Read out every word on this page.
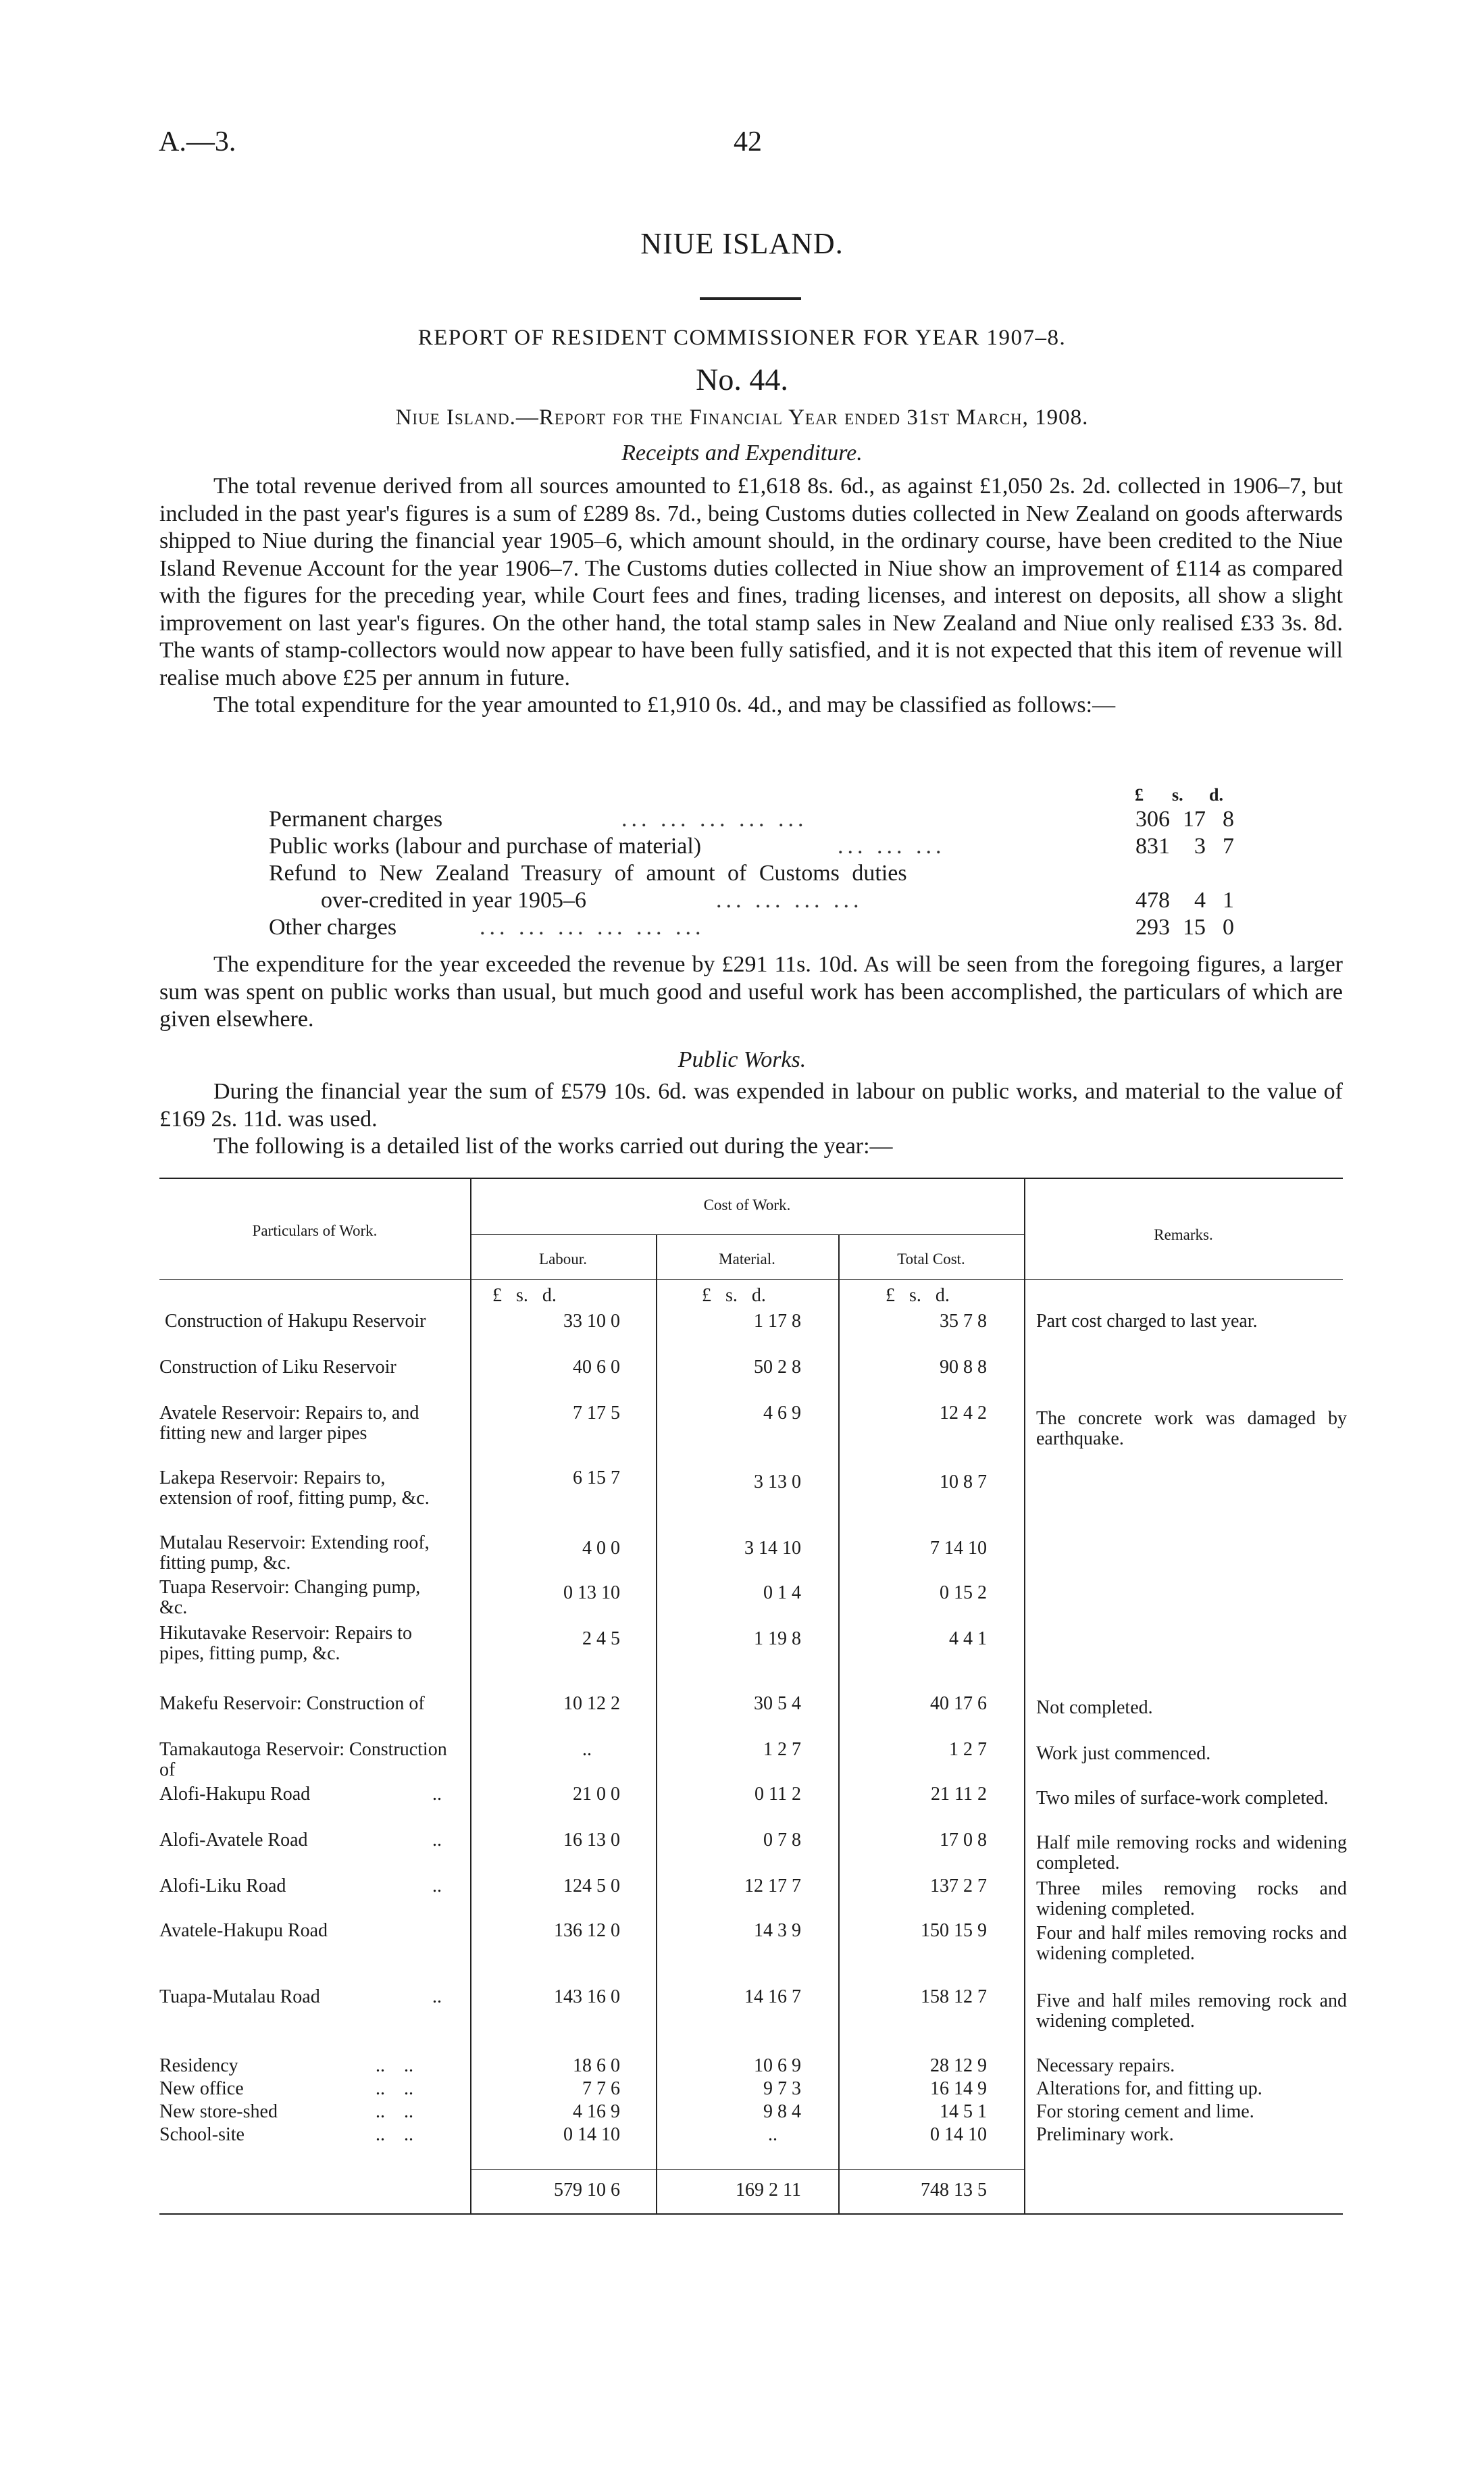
A.—3.	42
NIUE ISLAND.
REPORT OF RESIDENT COMMISSIONER FOR YEAR 1907–8.
No. 44.
Niue Island.—Report for the Financial Year ended 31st March, 1908.
Receipts and Expenditure.

The total revenue derived from all sources amounted to £1,618 8s. 6d., as against £1,050 2s. 2d. collected in 1906–7, but included in the past year's figures is a sum of £289 8s. 7d., being Customs duties collected in New Zealand on goods afterwards shipped to Niue during the financial year 1905–6, which amount should, in the ordinary course, have been credited to the Niue Island Revenue Account for the year 1906–7. The Customs duties collected in Niue show an improvement of £114 as compared with the figures for the preceding year, while Court fees and fines, trading licenses, and interest on deposits, all show a slight improvement on last year's figures. On the other hand, the total stamp sales in New Zealand and Niue only realised £33 3s. 8d. The wants of stamp-collectors would now appear to have been fully satisfied, and it is not expected that this item of revenue will realise much above £25 per annum in future.

The total expenditure for the year amounted to £1,910 0s. 4d., and may be classified as follows:—

£ s. d.
Permanent charges	... ... ... ... ...	306 17 8
Public works (labour and purchase of material)	... ... ...	831	3 7
Refund to New Zealand Treasury of amount of Customs duties
over-credited in year 1905–6	... ... ... ...	478	4 1
Other charges	... ... ... ... ... ...	293 15 0

The expenditure for the year exceeded the revenue by £291 11s. 10d. As will be seen from the foregoing figures, a larger sum was spent on public works than usual, but much good and useful work has been accomplished, the particulars of which are given elsewhere.

Public Works.

During the financial year the sum of £579 10s. 6d. was expended in labour on public works, and material to the value of £169 2s. 11d. was used.

The following is a detailed list of the works carried out during the year:—

Particulars of Work.
Cost of Work.
Labour.	Material.	Total Cost.
Remarks.
£ s. d.	£ s. d.	£ s. d.
Construction of Hakupu Reservoir	33 10 0	1 17 8	35 7 8	Part cost charged to last year.
Construction of Liku Reservoir	40 6 0	50 2 8	90 8 8
Avatele Reservoir: Repairs to, and fitting new and larger pipes
7 17 5	4 6 9	12 4 2	The concrete work was damaged by earthquake.
Lakepa Reservoir: Repairs to, extension of roof, fitting pump, &c.
6 15 7	3 13 0	10 8 7
Mutalau Reservoir: Extending roof, fitting pump, &c.
4 0 0	3 14 10	7 14 10
Tuapa Reservoir: Changing pump, &c.
0 13 10	0 1 4	0 15 2
Hikutavake Reservoir: Repairs to pipes, fitting pump, &c.
2 4 5	1 19 8	4 4 1
Makefu Reservoir: Construction of	10 12 2	30 5 4	40 17 6	Not completed.
Tamakautoga Reservoir: Construction of
..	1 2 7	1 2 7	Work just commenced.
Alofi-Hakupu Road	..	21 0 0	0 11 2	21 11 2	Two miles of surface-work completed.
Alofi-Avatele Road	..	16 13 0	0 7 8	17 0 8	Half mile removing rocks and widening completed.
Alofi-Liku Road	..	124 5 0	12 17 7	137 2 7	Three miles removing rocks and widening completed.
Avatele-Hakupu Road	136 12 0	14 3 9	150 15 9	Four and half miles removing rocks and widening completed.
Tuapa-Mutalau Road	..	143 16 0	14 16 7	158 12 7	Five and half miles removing rock and widening completed.
Residency	..    ..	18 6 0	10 6 9	28 12 9	Necessary repairs.
New office	..    ..	7 7 6	9 7 3	16 14 9	Alterations for, and fitting up.
New store-shed	..    ..	4 16 9	9 8 4	14 5 1	For storing cement and lime.
School-site	..    ..	0 14 10	..	0 14 10	Preliminary work.
579 10 6	169 2 11	748 13 5
